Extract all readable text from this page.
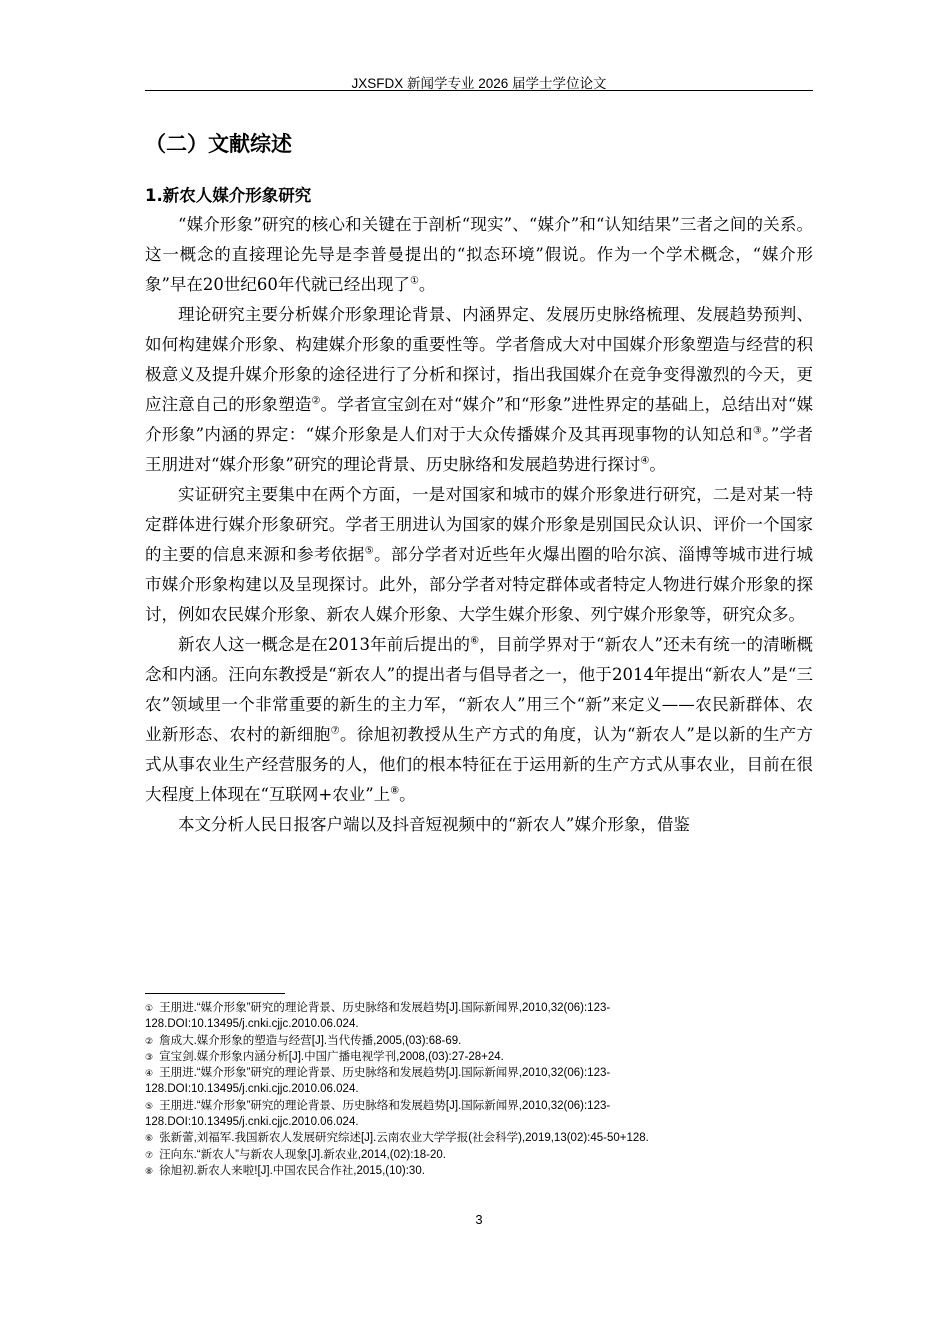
JXSFDX 新闻学专业 2026 届学士学位论文
（二）文献综述
1.新农人媒介形象研究

“媒介形象”研究的核心和关键在于剖析“现实”、“媒介”和“认知结果”三者之间的关系。这一概念的直接理论先导是李普曼提出的“拟态环境”假说。作为一个学术概念，“媒介形象”早在20世纪60年代就已经出现了①。

理论研究主要分析媒介形象理论背景、内涵界定、发展历史脉络梳理、发展趋势预判、如何构建媒介形象、构建媒介形象的重要性等。学者詹成大对中国媒介形象塑造与经营的积极意义及提升媒介形象的途径进行了分析和探讨，指出我国媒介在竞争变得激烈的今天，更应注意自己的形象塑造②。学者宣宝剑在对“媒介”和“形象”进性界定的基础上，总结出对“媒介形象”内涵的界定：“媒介形象是人们对于大众传播媒介及其再现事物的认知总和③。”学者王朋进对“媒介形象”研究的理论背景、历史脉络和发展趋势进行探讨④。

实证研究主要集中在两个方面，一是对国家和城市的媒介形象进行研究，二是对某一特定群体进行媒介形象研究。学者王朋进认为国家的媒介形象是别国民众认识、评价一个国家的主要的信息来源和参考依据⑤。部分学者对近些年火爆出圈的哈尔滨、淄博等城市进行城市媒介形象构建以及呈现探讨。此外，部分学者对特定群体或者特定人物进行媒介形象的探讨，例如农民媒介形象、新农人媒介形象、大学生媒介形象、列宁媒介形象等，研究众多。

新农人这一概念是在2013年前后提出的⑥，目前学界对于“新农人”还未有统一的清晰概念和内涵。汪向东教授是“新农人”的提出者与倡导者之一，他于2014年提出“新农人”是“三农”领域里一个非常重要的新生的主力军，“新农人”用三个“新”来定义——农民新群体、农业新形态、农村的新细胞⑦。徐旭初教授从生产方式的角度，认为“新农人”是以新的生产方式从事农业生产经营服务的人，他们的根本特征在于运用新的生产方式从事农业，目前在很大程度上体现在“互联网+农业”上⑧。

本文分析人民日报客户端以及抖音短视频中的“新农人”媒介形象，借鉴

① 王朋进.“媒介形象”研究的理论背景、历史脉络和发展趋势[J].国际新闻界,2010,32(06):123-128.DOI:10.13495/j.cnki.cjjc.2010.06.024.

② 詹成大.媒介形象的塑造与经营[J].当代传播,2005,(03):68-69.

③ 宣宝剑.媒介形象内涵分析[J].中国广播电视学刊,2008,(03):27-28+24.

④ 王朋进.“媒介形象”研究的理论背景、历史脉络和发展趋势[J].国际新闻界,2010,32(06):123-128.DOI:10.13495/j.cnki.cjjc.2010.06.024.

⑤ 王朋进.“媒介形象”研究的理论背景、历史脉络和发展趋势[J].国际新闻界,2010,32(06):123-128.DOI:10.13495/j.cnki.cjjc.2010.06.024.

⑥ 张新蕾,刘福军.我国新农人发展研究综述[J].云南农业大学学报(社会科学),2019,13(02):45-50+128.

⑦ 汪向东.“新农人”与新农人现象[J].新农业,2014,(02):18-20.

⑧ 徐旭初.新农人来啦![J].中国农民合作社,2015,(10):30.

3
